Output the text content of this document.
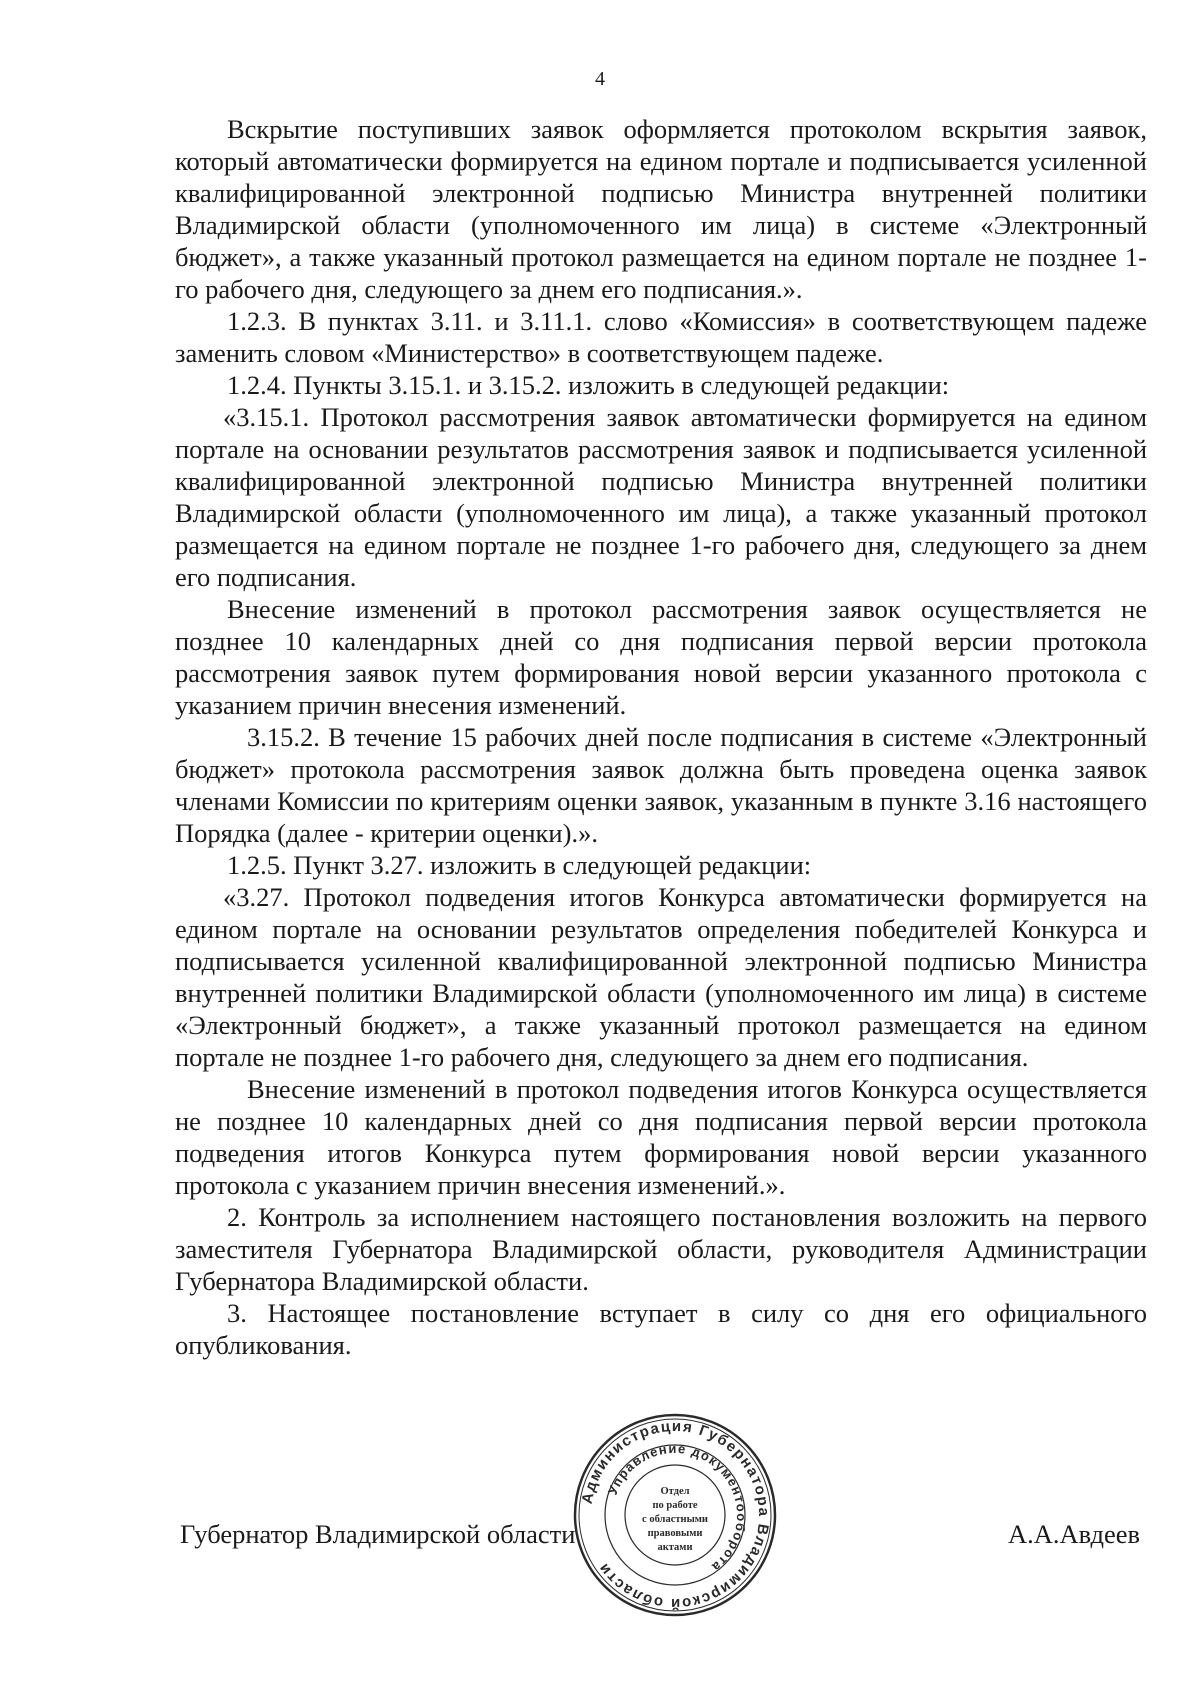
4

Вскрытие поступивших заявок оформляется протоколом вскрытия заявок, который автоматически формируется на едином портале и подписывается усиленной квалифицированной электронной подписью Министра внутренней политики Владимирской области (уполномоченного им лица) в системе «Электронный бюджет», а также указанный протокол размещается на едином портале не позднее 1-го рабочего дня, следующего за днем его подписания.».

1.2.3. В пунктах 3.11. и 3.11.1. слово «Комиссия» в соответствующем падеже заменить словом «Министерство» в соответствующем падеже.

1.2.4. Пункты 3.15.1. и 3.15.2. изложить в следующей редакции:

«3.15.1. Протокол рассмотрения заявок автоматически формируется на едином портале на основании результатов рассмотрения заявок и подписывается усиленной квалифицированной электронной подписью Министра внутренней политики Владимирской области (уполномоченного им лица), а также указанный протокол размещается на едином портале не позднее 1-го рабочего дня, следующего за днем его подписания.

Внесение изменений в протокол рассмотрения заявок осуществляется не позднее 10 календарных дней со дня подписания первой версии протокола рассмотрения заявок путем формирования новой версии указанного протокола с указанием причин внесения изменений.

3.15.2. В течение 15 рабочих дней после подписания в системе «Электронный бюджет» протокола рассмотрения заявок должна быть проведена оценка заявок членами Комиссии по критериям оценки заявок, указанным в пункте 3.16 настоящего Порядка (далее - критерии оценки).».

1.2.5. Пункт 3.27. изложить в следующей редакции:

«3.27. Протокол подведения итогов Конкурса автоматически формируется на едином портале на основании результатов определения победителей Конкурса и подписывается усиленной квалифицированной электронной подписью Министра внутренней политики Владимирской области (уполномоченного им лица) в системе «Электронный бюджет», а также указанный протокол размещается на едином портале не позднее 1-го рабочего дня, следующего за днем его подписания.

Внесение изменений в протокол подведения итогов Конкурса осуществляется не позднее 10 календарных дней со дня подписания первой версии протокола подведения итогов Конкурса путем формирования новой версии указанного протокола с указанием причин внесения изменений.».

2. Контроль за исполнением настоящего постановления возложить на первого заместителя Губернатора Владимирской области, руководителя Администрации Губернатора Владимирской области.

3. Настоящее постановление вступает в силу со дня его официального опубликования.

Губернатор Владимирской области	А.А.Авдеев
Администрация Губернатора Владимирской области
Управление документооборота
Отдел
по работе
с областными
правовыми
актами
